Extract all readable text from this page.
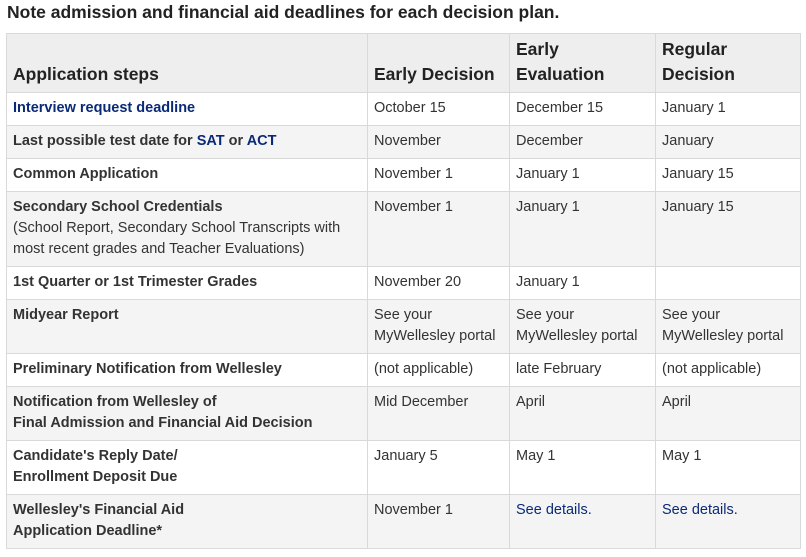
Note admission and financial aid deadlines for each decision plan.
Application steps	Early Decision	Early Evaluation	Regular Decision
Interview request deadline	October 15	December 15	January 1
Last possible test date for SAT or ACT	November	December	January
Common Application	November 1	January 1	January 15

Secondary School Credentials
(School Report, Secondary School Transcripts with most recent grades and Teacher Evaluations)	November 1	January 1	January 15
1st Quarter or 1st Trimester Grades	November 20	January 1	
Midyear Report	See your MyWellesley portal	See your MyWellesley portal	See your MyWellesley portal
Preliminary Notification from Wellesley	(not applicable)	late February	(not applicable)

Notification from Wellesley of
Final Admission and Financial Aid Decision	Mid December	April	April

Candidate's Reply Date/
Enrollment Deposit Due	January 5	May 1	May 1

Wellesley's Financial Aid
Application Deadline*	November 1	See details.	See details.
